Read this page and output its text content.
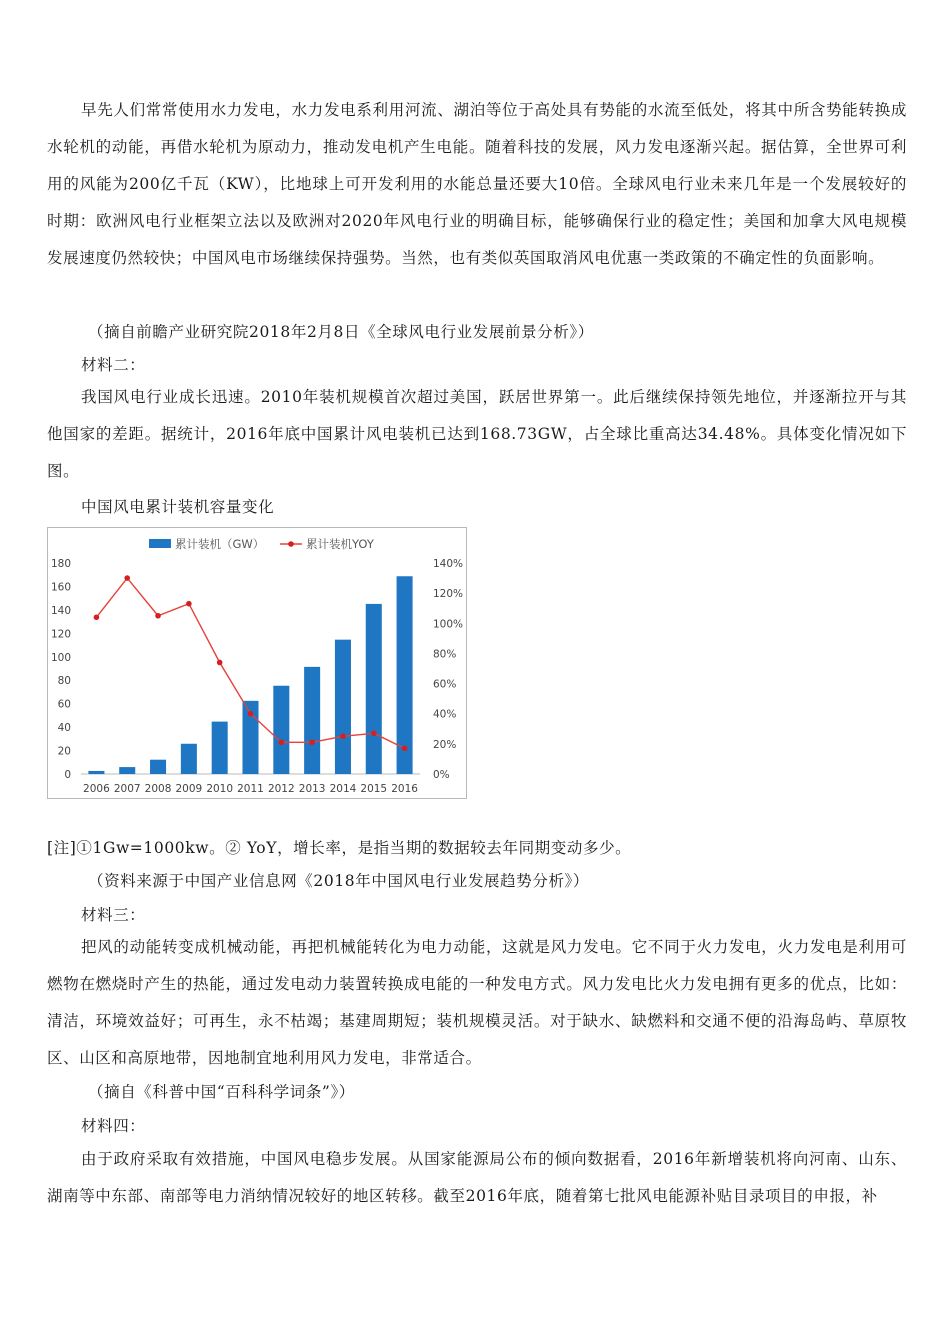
早先人们常常使用水力发电，水力发电系利用河流、湖泊等位于高处具有势能的水流至低处，将其中所含势能转换成水轮机的动能，再借水轮机为原动力，推动发电机产生电能。随着科技的发展，风力发电逐渐兴起。据估算，全世界可利用的风能为200亿千瓦（KW），比地球上可开发利用的水能总量还要大10倍。全球风电行业未来几年是一个发展较好的时期：欧洲风电行业框架立法以及欧洲对2020年风电行业的明确目标，能够确保行业的稳定性；美国和加拿大风电规模发展速度仍然较快；中国风电市场继续保持强势。当然，也有类似英国取消风电优惠一类政策的不确定性的负面影响。
（摘自前瞻产业研究院2018年2月8日《全球风电行业发展前景分析》）
材料二：
我国风电行业成长迅速。2010年装机规模首次超过美国，跃居世界第一。此后继续保持领先地位，并逐渐拉开与其他国家的差距。据统计，2016年底中国累计风电装机已达到168.73GW，占全球比重高达34.48%。具体变化情况如下图。
中国风电累计装机容量变化
累计装机（GW）	累计装机YOY
0
20
40
60
80
100
120
140
160
180
0%
20%
40%
60%
80%
100%
120%
140%
2006 2007 2008 2009 2010 2011 2012 2013 2014 2015 2016
[注]①1Gw=1000kw。② YoY，增长率，是指当期的数据较去年同期变动多少。
（资料来源于中国产业信息网《2018年中国风电行业发展趋势分析》）
材料三：
把风的动能转变成机械动能，再把机械能转化为电力动能，这就是风力发电。它不同于火力发电，火力发电是利用可燃物在燃烧时产生的热能，通过发电动力装置转换成电能的一种发电方式。风力发电比火力发电拥有更多的优点，比如：清洁，环境效益好；可再生，永不枯竭；基建周期短；装机规模灵活。对于缺水、缺燃料和交通不便的沿海岛屿、草原牧区、山区和高原地带，因地制宜地利用风力发电，非常适合。
（摘自《科普中国“百科科学词条”》）
材料四：
由于政府采取有效措施，中国风电稳步发展。从国家能源局公布的倾向数据看，2016年新增装机将向河南、山东、湖南等中东部、南部等电力消纳情况较好的地区转移。截至2016年底，随着第七批风电能源补贴目录项目的申报，补
